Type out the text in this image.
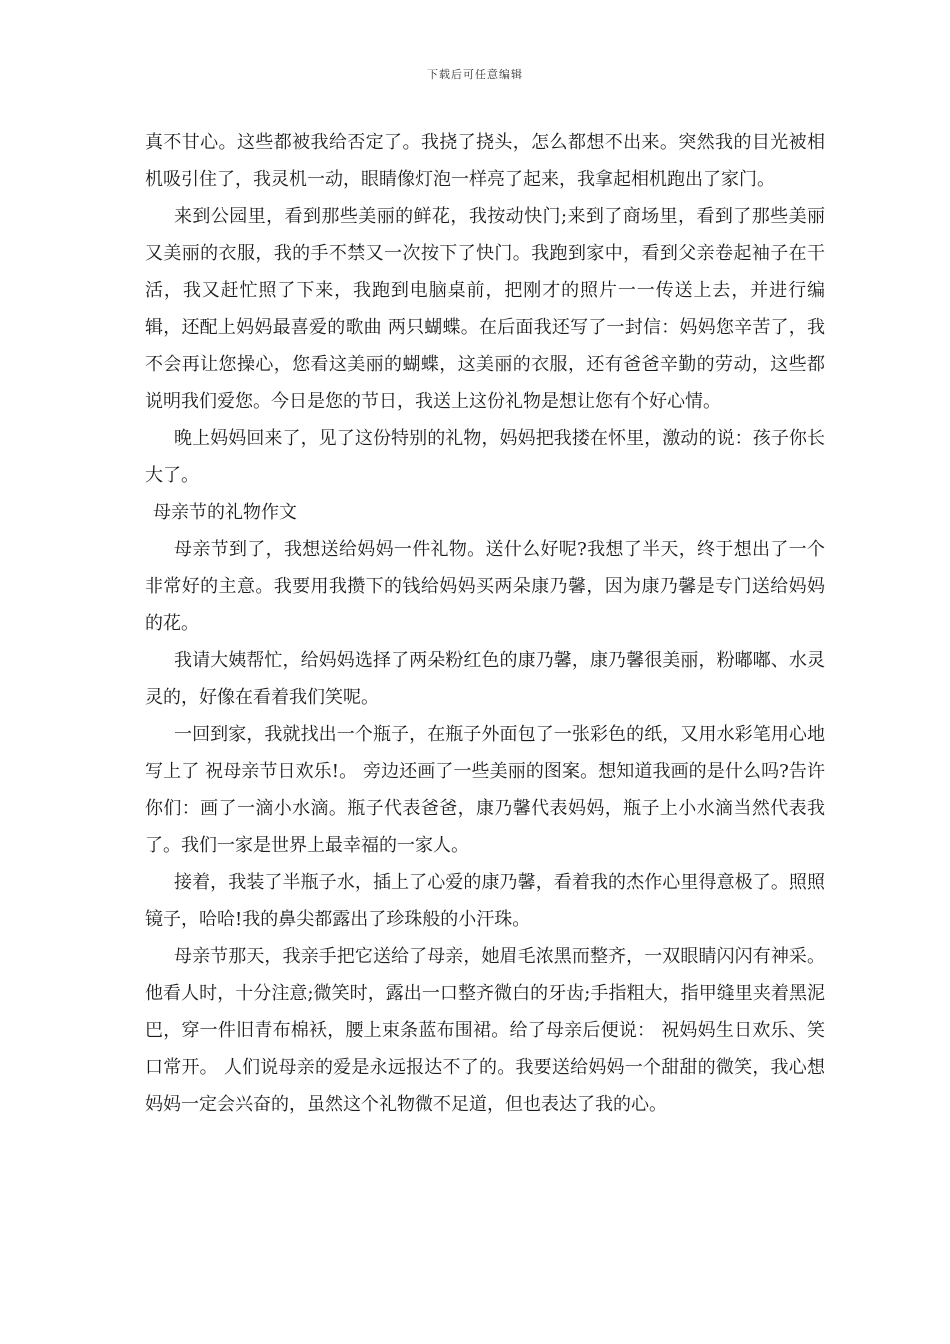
下载后可任意编辑

真不甘心。这些都被我给否定了。我挠了挠头，怎么都想不出来。突然我的目光被相机吸引住了，我灵机一动，眼睛像灯泡一样亮了起来，我拿起相机跑出了家门。

来到公园里，看到那些美丽的鲜花，我按动快门;来到了商场里，看到了那些美丽又美丽的衣服，我的手不禁又一次按下了快门。我跑到家中，看到父亲卷起袖子在干活，我又赶忙照了下来，我跑到电脑桌前，把刚才的照片一一传送上去，并进行编辑，还配上妈妈最喜爱的歌曲 两只蝴蝶。在后面我还写了一封信：妈妈您辛苦了，我不会再让您操心，您看这美丽的蝴蝶，这美丽的衣服，还有爸爸辛勤的劳动，这些都说明我们爱您。今日是您的节日，我送上这份礼物是想让您有个好心情。

晚上妈妈回来了，见了这份特别的礼物，妈妈把我搂在怀里，激动的说：孩子你长大了。

母亲节的礼物作文

母亲节到了，我想送给妈妈一件礼物。送什么好呢?我想了半天，终于想出了一个非常好的主意。我要用我攒下的钱给妈妈买两朵康乃馨，因为康乃馨是专门送给妈妈的花。

我请大姨帮忙，给妈妈选择了两朵粉红色的康乃馨，康乃馨很美丽，粉嘟嘟、水灵灵的，好像在看着我们笑呢。

一回到家，我就找出一个瓶子，在瓶子外面包了一张彩色的纸，又用水彩笔用心地写上了 祝母亲节日欢乐!。 旁边还画了一些美丽的图案。想知道我画的是什么吗?告许你们：画了一滴小水滴。瓶子代表爸爸，康乃馨代表妈妈，瓶子上小水滴当然代表我了。我们一家是世界上最幸福的一家人。

接着，我装了半瓶子水，插上了心爱的康乃馨，看着我的杰作心里得意极了。照照镜子，哈哈!我的鼻尖都露出了珍珠般的小汗珠。

母亲节那天，我亲手把它送给了母亲，她眉毛浓黑而整齐，一双眼睛闪闪有神采。他看人时，十分注意;微笑时，露出一口整齐微白的牙齿;手指粗大，指甲缝里夹着黑泥巴，穿一件旧青布棉袄，腰上束条蓝布围裙。给了母亲后便说： 祝妈妈生日欢乐、笑口常开。 人们说母亲的爱是永远报达不了的。我要送给妈妈一个甜甜的微笑，我心想妈妈一定会兴奋的，虽然这个礼物微不足道，但也表达了我的心。
